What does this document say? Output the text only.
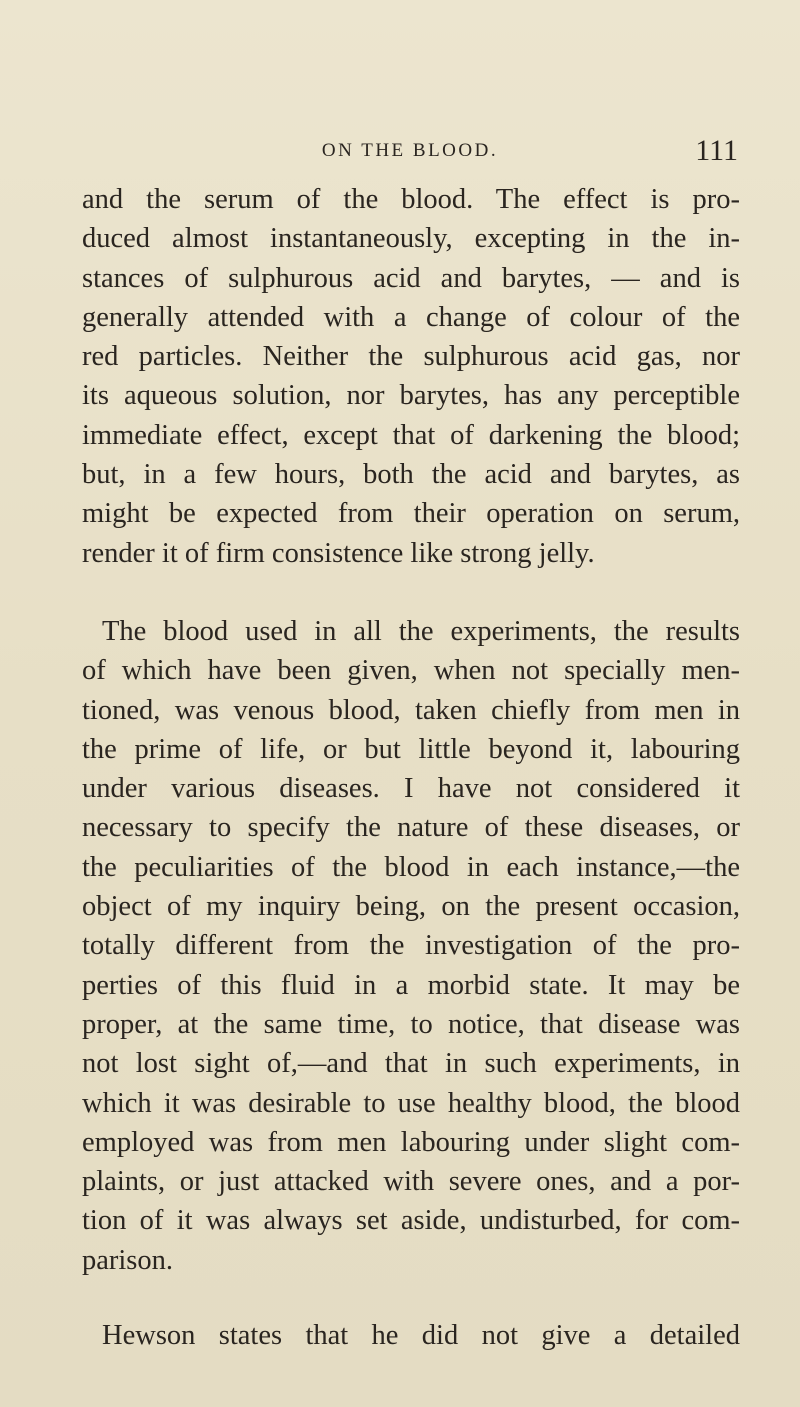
ON THE BLOOD.	111

and the serum of the blood. The effect is pro-
duced almost instantaneously, excepting in the in-
stances of sulphurous acid and barytes, — and is
generally attended with a change of colour of the
red particles. Neither the sulphurous acid gas, nor
its aqueous solution, nor barytes, has any perceptible
immediate effect, except that of darkening the blood;
but, in a few hours, both the acid and barytes, as
might be expected from their operation on serum,
render it of firm consistence like strong jelly.

The blood used in all the experiments, the results
of which have been given, when not specially men-
tioned, was venous blood, taken chiefly from men in
the prime of life, or but little beyond it, labouring
under various diseases. I have not considered it
necessary to specify the nature of these diseases, or
the peculiarities of the blood in each instance,—the
object of my inquiry being, on the present occasion,
totally different from the investigation of the pro-
perties of this fluid in a morbid state. It may be
proper, at the same time, to notice, that disease was
not lost sight of,—and that in such experiments, in
which it was desirable to use healthy blood, the blood
employed was from men labouring under slight com-
plaints, or just attacked with severe ones, and a por-
tion of it was always set aside, undisturbed, for com-
parison.

Hewson states that he did not give a detailed
